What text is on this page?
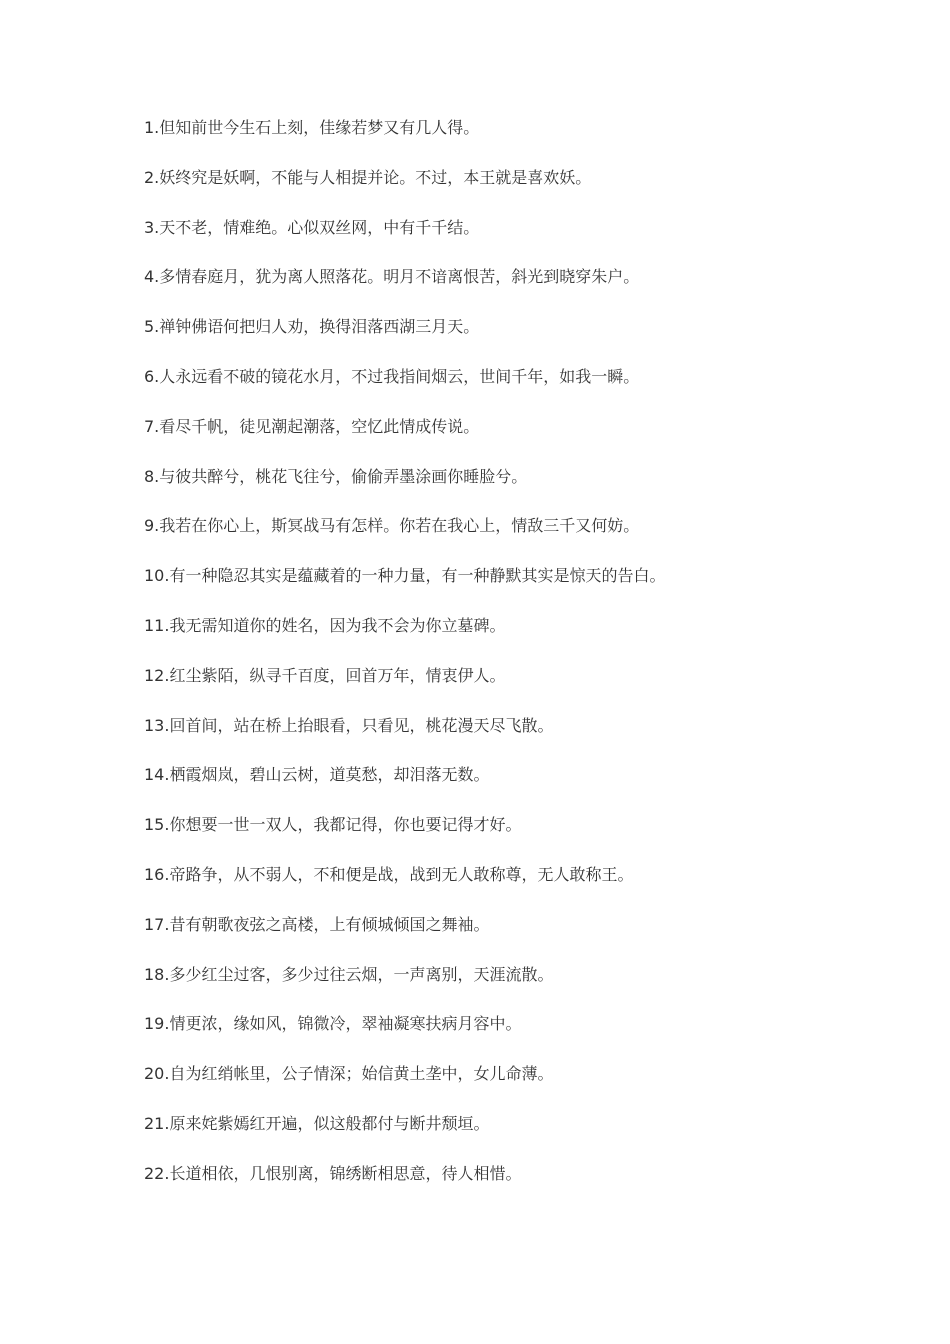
1.但知前世今生石上刻，佳缘若梦又有几人得。
2.妖终究是妖啊，不能与人相提并论。不过，本王就是喜欢妖。
3.天不老，情难绝。心似双丝网，中有千千结。
4.多情春庭月，犹为离人照落花。明月不谙离恨苦，斜光到晓穿朱户。
5.禅钟佛语何把归人劝，换得泪落西湖三月天。
6.人永远看不破的镜花水月，不过我指间烟云，世间千年，如我一瞬。
7.看尽千帆，徒见潮起潮落，空忆此情成传说。
8.与彼共醉兮，桃花飞往兮，偷偷弄墨涂画你睡脸兮。
9.我若在你心上，斯冥战马有怎样。你若在我心上，情敌三千又何妨。
10.有一种隐忍其实是蕴藏着的一种力量，有一种静默其实是惊天的告白。
11.我无需知道你的姓名，因为我不会为你立墓碑。
12.红尘紫陌，纵寻千百度，回首万年，情衷伊人。
13.回首间，站在桥上抬眼看，只看见，桃花漫天尽飞散。
14.栖霞烟岚，碧山云树，道莫愁，却泪落无数。
15.你想要一世一双人，我都记得，你也要记得才好。
16.帝路争，从不弱人，不和便是战，战到无人敢称尊，无人敢称王。
17.昔有朝歌夜弦之高楼，上有倾城倾国之舞袖。
18.多少红尘过客，多少过往云烟，一声离别，天涯流散。
19.情更浓，缘如风，锦微冷，翠袖凝寒扶病月容中。
20.自为红绡帐里，公子情深；始信黄土垄中，女儿命薄。
21.原来姹紫嫣红开遍，似这般都付与断井颓垣。
22.长道相依，几恨别离，锦绣断相思意，待人相惜。
